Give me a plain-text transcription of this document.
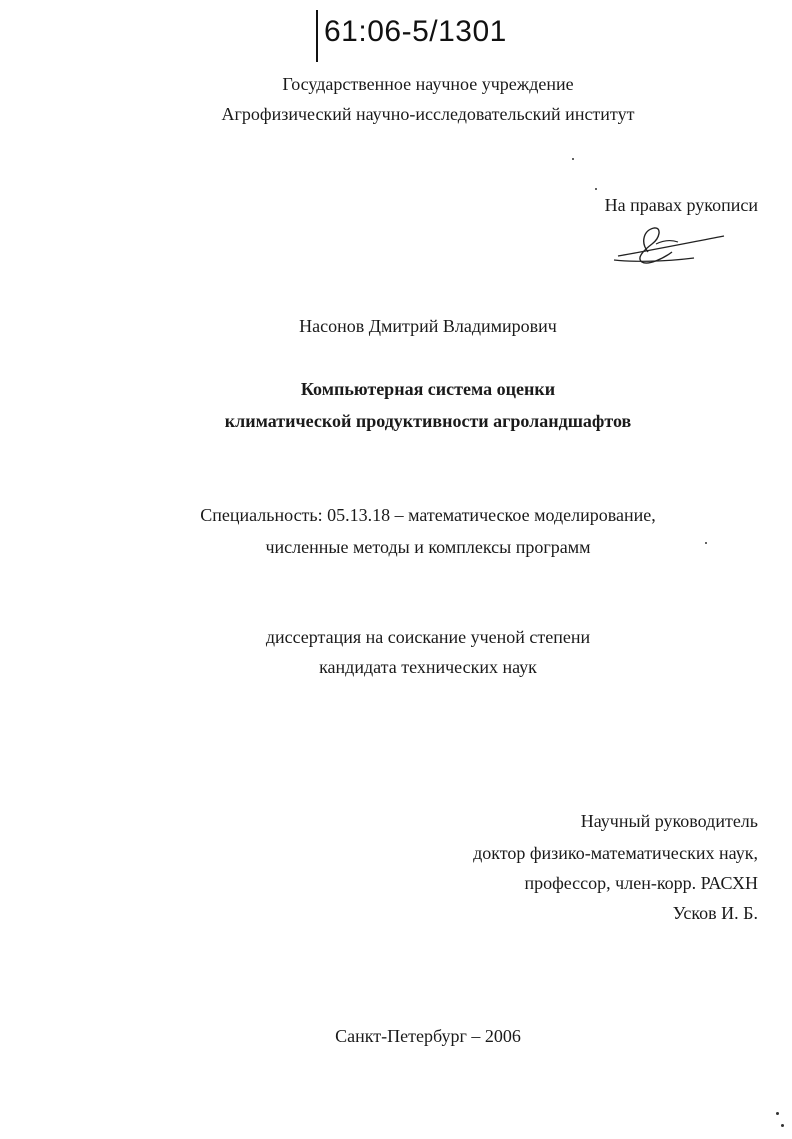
61:06-5/1301
Государственное научное учреждение
Агрофизический научно-исследовательский институт
На правах рукописи
Насонов Дмитрий Владимирович
Компьютерная система оценки
климатической продуктивности агроландшафтов
Специальность: 05.13.18 – математическое моделирование,
численные методы и комплексы программ
диссертация на соискание ученой степени
кандидата технических наук
Научный руководитель
доктор физико-математических наук,
профессор, член-корр. РАСХН
Усков И. Б.
Санкт-Петербург – 2006
